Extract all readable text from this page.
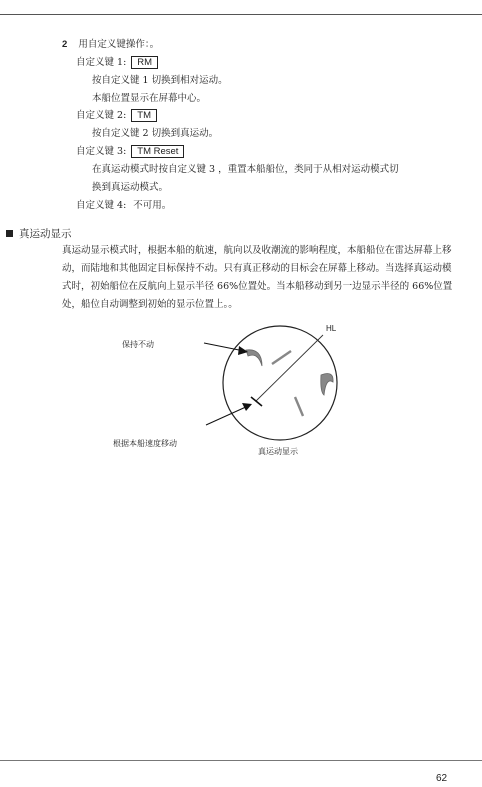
2 用自定义键操作：。
自定义键 1: RM
按自定义键 1 切换到相对运动。
本船位置显示在屏幕中心。
自定义键 2: TM
按自定义键 2 切换到真运动。
自定义键 3: TM Reset
在真运动模式时按自定义键 3 ，重置本船船位，类同于从相对运动模式切
换到真运动模式。
自定义键 4: 不可用。
真运动显示
真运动显示模式时，根据本船的航速，航向以及收潮流的影响程度，本船船位在雷达屏幕上移动，而陆地和其他固定目标保持不动。只有真正移动的目标会在屏幕上移动。当选择真运动模式时，初始船位在反航向上显示半径 66%位置处。当本船移动到另一边显示半径的 66%位置处，船位自动调整到初始的显示位置上。。
保持不动
根据本船速度移动
HL
真运动显示
62
